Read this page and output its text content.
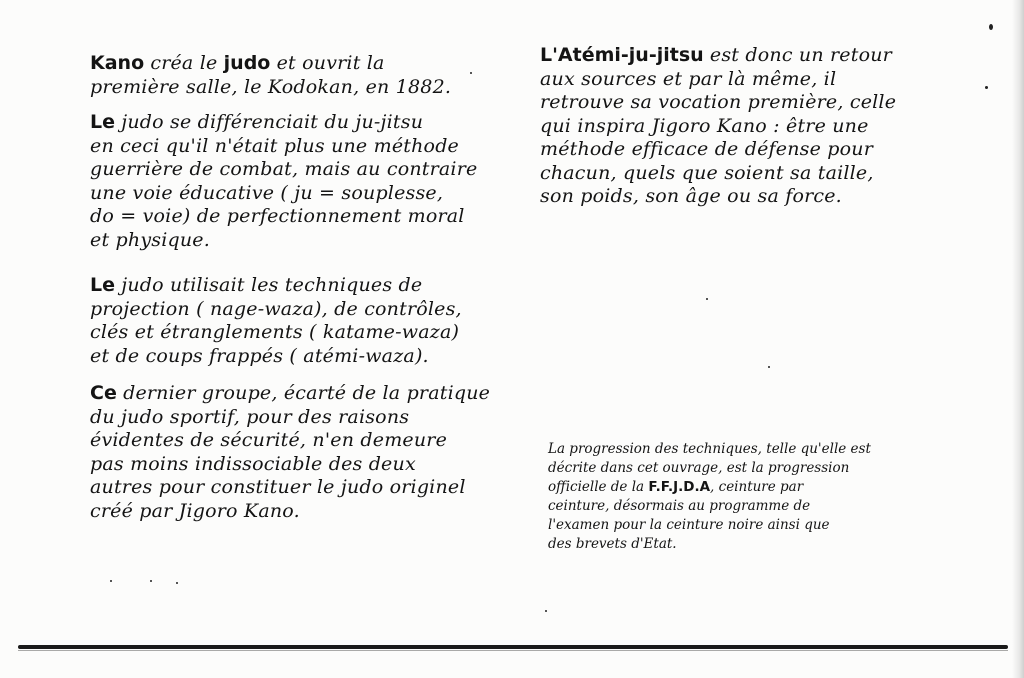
Kano créa le judo et ouvrit la
première salle, le Kodokan, en 1882.

Le judo se différenciait du ju-jitsu
en ceci qu'il n'était plus une méthode
guerrière de combat, mais au contraire
une voie éducative ( ju = souplesse,
do = voie) de perfectionnement moral
et physique.

Le judo utilisait les techniques de
projection ( nage-waza), de contrôles,
clés et étranglements ( katame-waza)
et de coups frappés ( atémi-waza).

Ce dernier groupe, écarté de la pratique
du judo sportif, pour des raisons
évidentes de sécurité, n'en demeure
pas moins indissociable des deux
autres pour constituer le judo originel
créé par Jigoro Kano.

L'Atémi-ju-jitsu est donc un retour
aux sources et par là même, il
retrouve sa vocation première, celle
qui inspira Jigoro Kano : être une
méthode efficace de défense pour
chacun, quels que soient sa taille,
son poids, son âge ou sa force.

La progression des techniques, telle qu'elle est
décrite dans cet ouvrage, est la progression
officielle de la F.F.J.D.A, ceinture par
ceinture, désormais au programme de
l'examen pour la ceinture noire ainsi que
des brevets d'Etat.
